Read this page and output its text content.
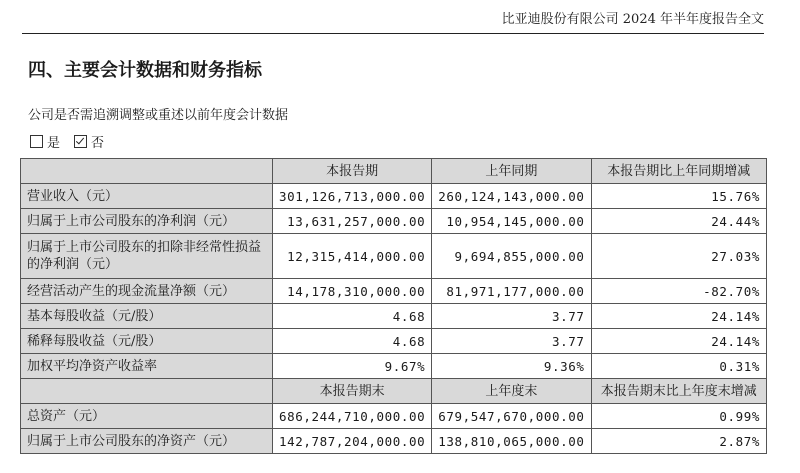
比亚迪股份有限公司 2024 年半年度报告全文
四、主要会计数据和财务指标
公司是否需追溯调整或重述以前年度会计数据
是 否
	本报告期	上年同期	本报告期比上年同期增减
营业收入（元）	301,126,713,000.00	260,124,143,000.00	15.76%
归属于上市公司股东的净利润（元）	13,631,257,000.00	10,954,145,000.00	24.44%
归属于上市公司股东的扣除非经常性损益的净利润（元）	12,315,414,000.00	9,694,855,000.00	27.03%
经营活动产生的现金流量净额（元）	14,178,310,000.00	81,971,177,000.00	-82.70%
基本每股收益（元/股）	4.68	3.77	24.14%
稀释每股收益（元/股）	4.68	3.77	24.14%
加权平均净资产收益率	9.67%	9.36%	0.31%
	本报告期末	上年度末	本报告期末比上年度末增减
总资产（元）	686,244,710,000.00	679,547,670,000.00	0.99%
归属于上市公司股东的净资产（元）	142,787,204,000.00	138,810,065,000.00	2.87%
